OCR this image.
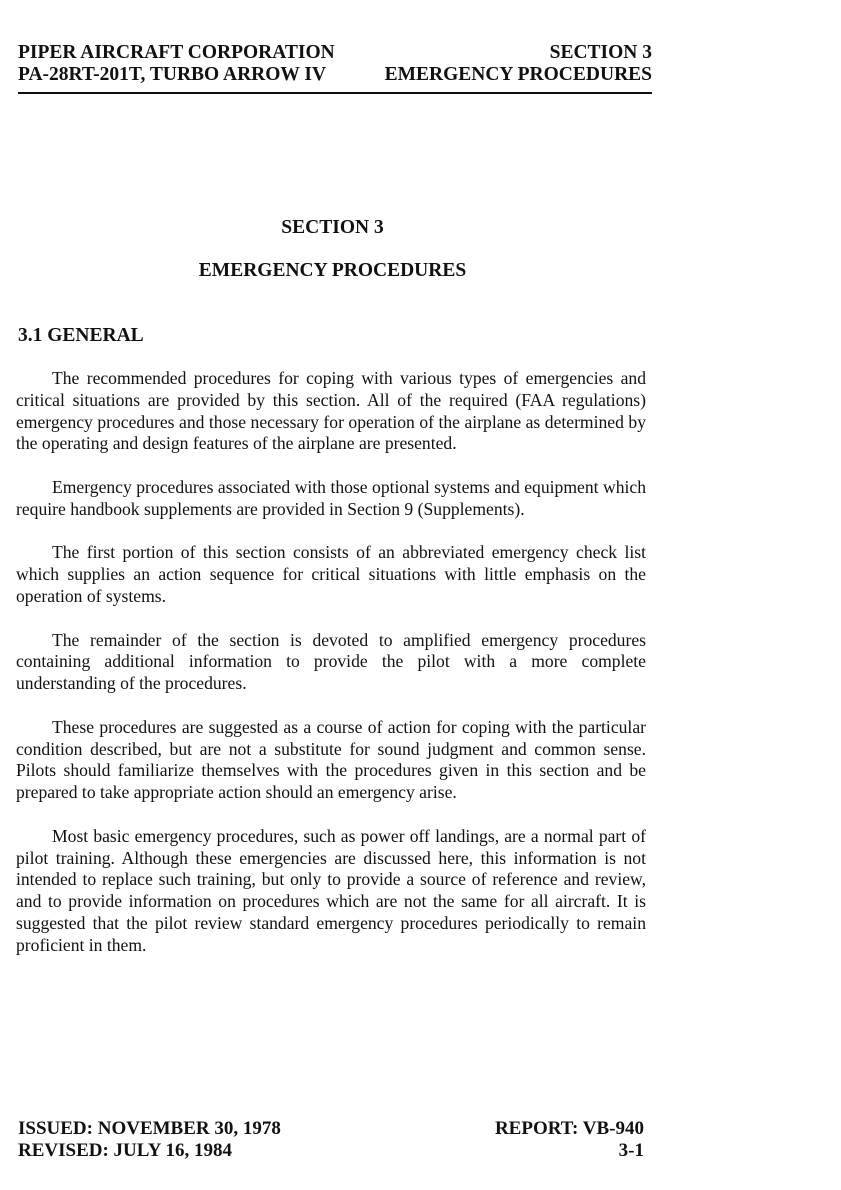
PIPER AIRCRAFT CORPORATION	SECTION 3
PA-28RT-201T, TURBO ARROW IV	EMERGENCY PROCEDURES
SECTION 3
EMERGENCY PROCEDURES
3.1 GENERAL

The recommended procedures for coping with various types of emergencies and critical situations are provided by this section. All of the required (FAA regulations) emergency procedures and those necessary for operation of the airplane as determined by the operating and design features of the airplane are presented.

Emergency procedures associated with those optional systems and equipment which require handbook supplements are provided in Section 9 (Supplements).

The first portion of this section consists of an abbreviated emergency check list which supplies an action sequence for critical situations with little emphasis on the operation of systems.

The remainder of the section is devoted to amplified emergency procedures containing additional information to provide the pilot with a more complete understanding of the procedures.

These procedures are suggested as a course of action for coping with the particular condition described, but are not a substitute for sound judgment and common sense. Pilots should familiarize themselves with the procedures given in this section and be prepared to take appropriate action should an emergency arise.

Most basic emergency procedures, such as power off landings, are a normal part of pilot training. Although these emergencies are discussed here, this information is not intended to replace such training, but only to provide a source of reference and review, and to provide information on procedures which are not the same for all aircraft. It is suggested that the pilot review standard emergency procedures periodically to remain proficient in them.

ISSUED: NOVEMBER 30, 1978	REPORT: VB-940
REVISED: JULY 16, 1984	3-1
